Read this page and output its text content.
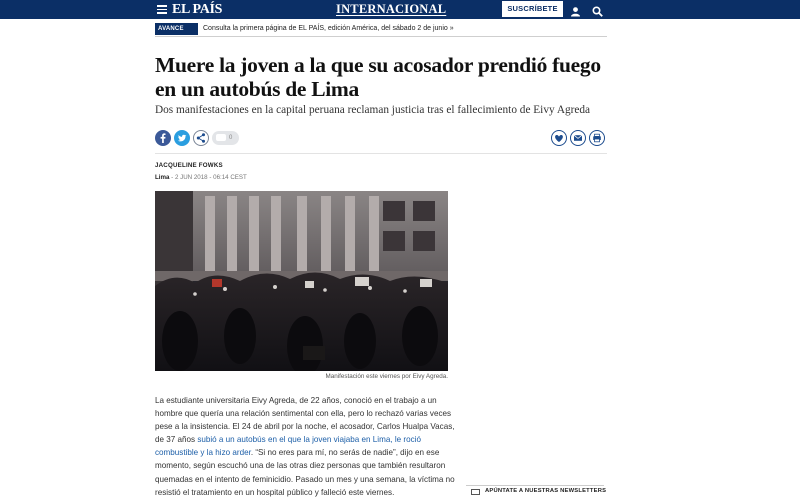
EL PAÍS	INTERNACIONAL	SUSCRÍBETE
AVANCE	Consulta la primera página de EL PAÍS, edición América, del sábado 2 de junio »
Muere la joven a la que su acosador prendió fuego en un autobús de Lima
Dos manifestaciones en la capital peruana reclaman justicia tras el fallecimiento de Eivy Agreda
0
JACQUELINE FOWKS
Lima - 2 JUN 2018 - 06:14 CEST
Manifestación este viernes por Eivy Agreda.

La estudiante universitaria Eivy Agreda, de 22 años, conoció en el trabajo a un hombre que quería una relación sentimental con ella, pero lo rechazó varias veces pese a la insistencia. El 24 de abril por la noche, el acosador, Carlos Hualpa Vacas, de 37 años subió a un autobús en el que la joven viajaba en Lima, le roció combustible y la hizo arder. “Si no eres para mí, no serás de nadie”, dijo en ese momento, según escuchó una de las otras diez personas que también resultaron quemadas en el intento de feminicidio. Pasado un mes y una semana, la víctima no resistió el tratamiento en un hospital público y falleció este viernes.	APÚNTATE A NUESTRAS NEWSLETTERS
